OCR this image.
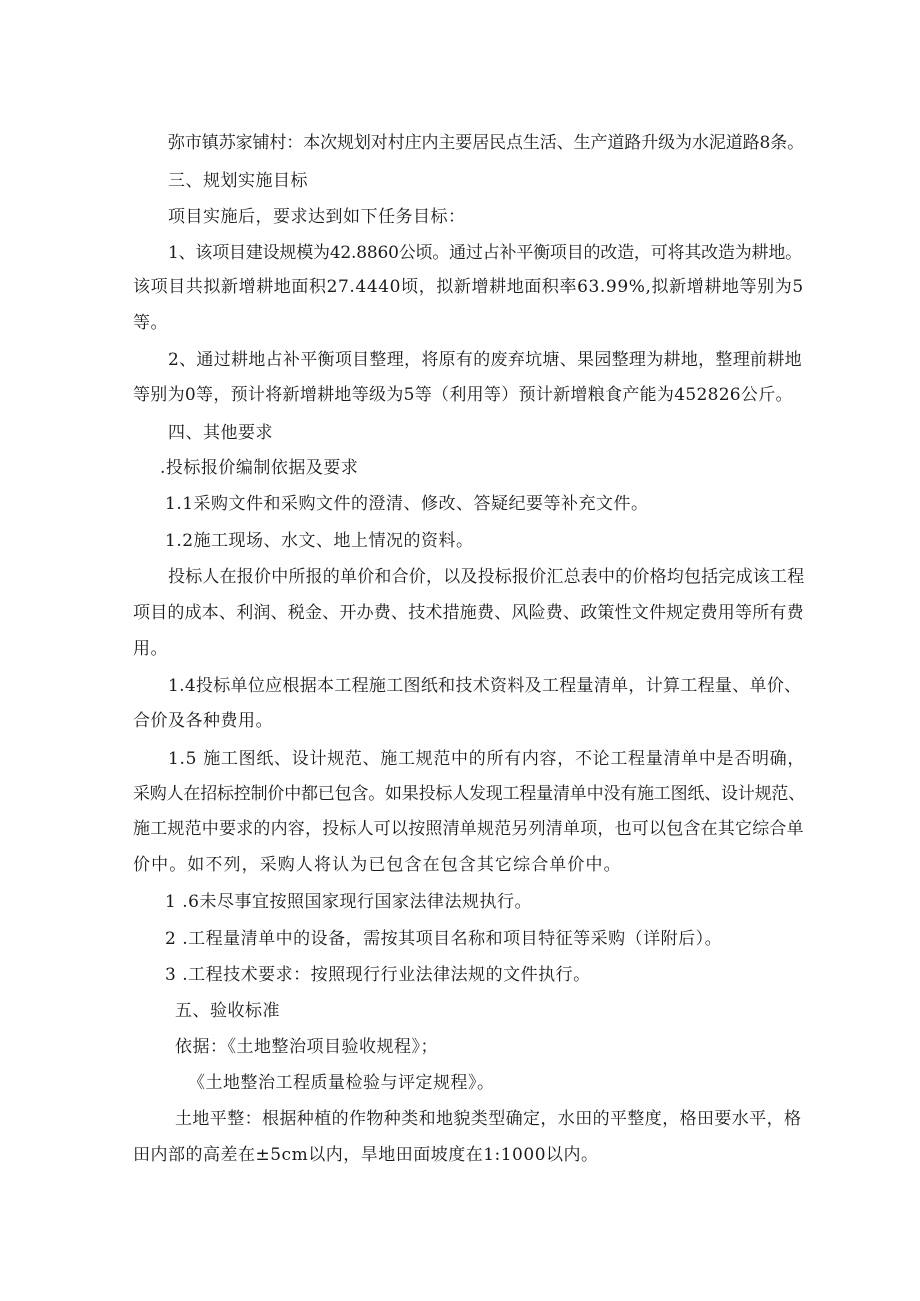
弥市镇苏家铺村：本次规划对村庄内主要居民点生活、生产道路升级为水泥道路8条。
三、规划实施目标
项目实施后，要求达到如下任务目标：
1、该项目建设规模为42.8860公顷。通过占补平衡项目的改造，可将其改造为耕地。
该项目共拟新增耕地面积27.4440顷，拟新增耕地面积率63.99%,拟新增耕地等别为5
等。
2、通过耕地占补平衡项目整理，将原有的废弃坑塘、果园整理为耕地，整理前耕地
等别为0等，预计将新增耕地等级为5等（利用等）预计新增粮食产能为452826公斤。
四、其他要求
.投标报价编制依据及要求
1.1采购文件和采购文件的澄清、修改、答疑纪要等补充文件。
1.2施工现场、水文、地上情况的资料。
投标人在报价中所报的单价和合价，以及投标报价汇总表中的价格均包括完成该工程
项目的成本、利润、税金、开办费、技术措施费、风险费、政策性文件规定费用等所有费
用。
1.4投标单位应根据本工程施工图纸和技术资料及工程量清单，计算工程量、单价、
合价及各种费用。
1.5 施工图纸、设计规范、施工规范中的所有内容，不论工程量清单中是否明确，
采购人在招标控制价中都已包含。如果投标人发现工程量清单中没有施工图纸、设计规范、
施工规范中要求的内容，投标人可以按照清单规范另列清单项，也可以包含在其它综合单
价中。如不列，采购人将认为已包含在包含其它综合单价中。
1 .6未尽事宜按照国家现行国家法律法规执行。
2 .工程量清单中的设备，需按其项目名称和项目特征等采购（详附后）。
3 .工程技术要求：按照现行行业法律法规的文件执行。
五、验收标准
依据：《土地整治项目验收规程》；
《土地整治工程质量检验与评定规程》。
土地平整：根据种植的作物种类和地貌类型确定，水田的平整度，格田要水平，格
田内部的高差在±5cm以内，旱地田面坡度在1:1000以内。
